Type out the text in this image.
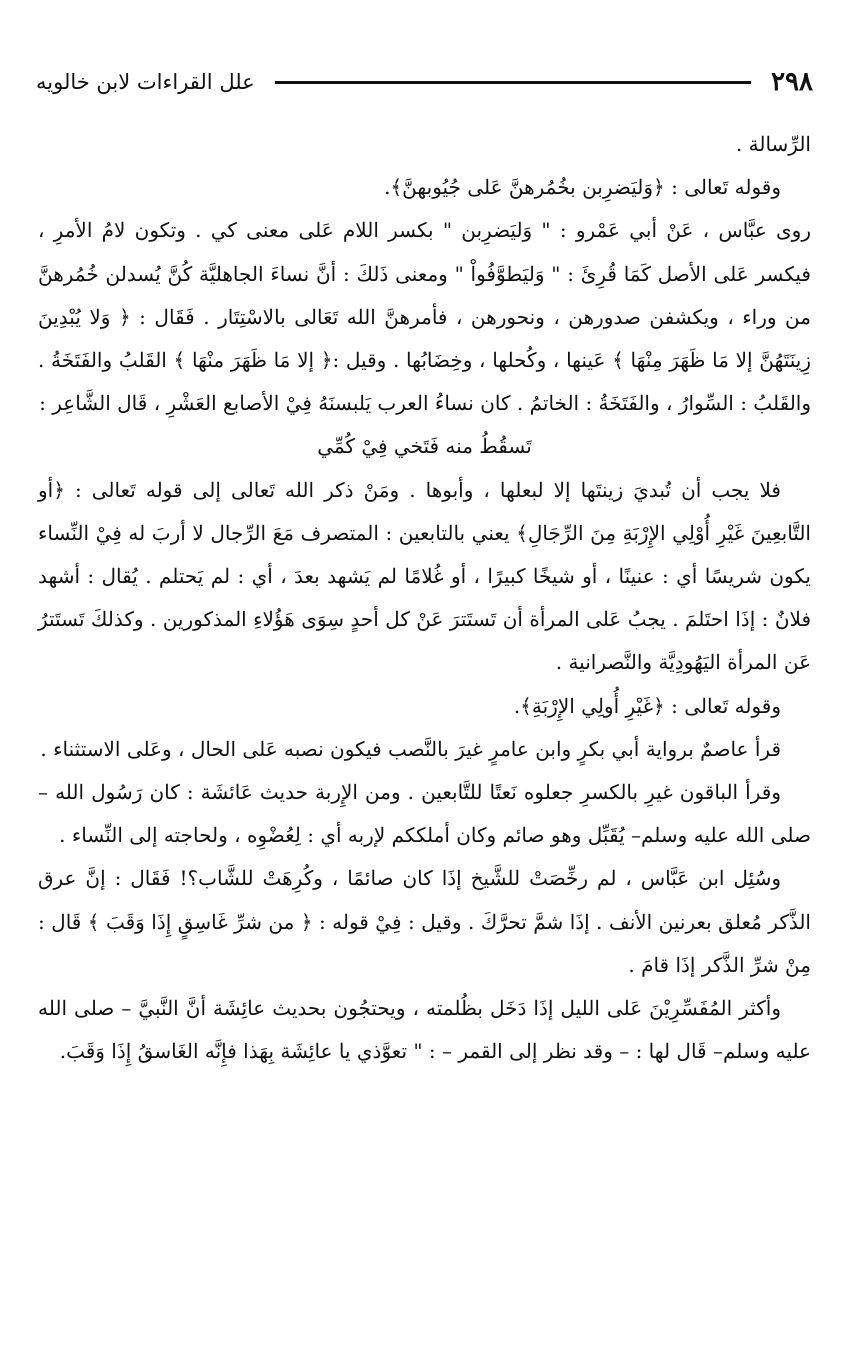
٢٩٨
علل القراءات لابن خالويه

الرِّسالة .

وقوله تَعالى : ﴿وَليَضرِبن بخُمُرهنَّ عَلى جُيُوبهنَّ﴾.

روى عبَّاس ، عَنْ أبي عَمْرو : " وَليَضرِبن " بكسر اللام عَلى معنى كي . وتكون لامُ الأمرِ ، فيكسر عَلى الأصل كَمَا قُرِئَ : " وَليَطوَّفُواْ " ومعنى ذَلكَ : أنَّ نساءَ الجاهليَّة كُنَّ يُسدلن خُمُرهنَّ من وراء ، ويكشفن صدورهن ، ونحورهن ، فأمرهنَّ الله تَعَالى بالاسْتِتَار . فَقَال : ﴿ وَلا يُبْدِينَ زِينَتَهُنَّ إلا مَا ظَهَرَ مِنْهَا ﴾ عَينها ، وكُحلها ، وخِضَابُها . وقيل :﴿ إلا مَا ظَهَرَ منْهَا ﴾ القَلبُ والفَتَخَةُ . والقَلبُ : السِّوارُ ، والفَتَخَةُ : الخاتمُ . كان نساءُ العرب يَلبسنَهُ فِيْ الأصابع العَشْرِ ، قَال الشَّاعِر :

تَسقُطُ منه فَتَخي فِيْ كُمِّي

فلا يجب أن تُبديَ زينتَها إلا لبعلها ، وأبوها . ومَنْ ذكر الله تَعالى إلى قوله تَعالى : ﴿أو التَّابعِينَ غَيْرِ أُوْلِي الإِرْبَةِ مِنَ الرِّجَالِ﴾ يعني بالتابعين : المتصرف مَعَ الرِّجال لا أربَ له فِيْ النِّساء يكون شريسًا أي : عنينًا ، أو شيخًا كبيرًا ، أو غُلامًا لم يَشهد بعدَ ، أي : لم يَحتلم . يُقال : أشهد فلانٌ : إذَا احتَلمَ . يجبُ عَلى المرأة أن تَستَترَ عَنْ كل أحدٍ سِوَى هَؤُلاءِ المذكورين . وكذلكَ تَستَترُ عَن المرأة اليَهُودِيَّة والنَّصرانية .

وقوله تَعالى : ﴿غَيْرِ أُولِي الإِرْبَةِ﴾.

قرأ عاصمٌ برواية أبي بكرٍ وابن عامرٍ غيرَ بالنَّصب فيكون نصبه عَلى الحال ، وعَلى الاستثناء .

وقرأ الباقون غيرِ بالكسرِ جعلوه نَعتًا للتَّابعين . ومن الإِربة حديث عَائشَة : كان رَسُول الله –صلى الله عليه وسلم– يُقَبِّل وهو صائم وكان أملككم لإربه أي : لِعُضْوِه ، ولحاجته إلى النِّساء .

وسُئِل ابن عَبَّاس ، لم رخِّصَتْ للشَّيخ إذَا كان صائمًا ، وكُرِهَتْ للشَّاب؟! فَقَال : إنَّ عرق الذَّكر مُعلق بعرنين الأنف . إذَا شمَّ تحرَّكَ . وقيل : فِيْ قوله : ﴿ من شرِّ غَاسِقٍ إِذَا وَقَبَ ﴾ قَال : مِنْ شرِّ الذَّكر إذَا قامَ .

وأكثر المُفَسِّرِيْنَ عَلى الليل إذَا دَخَل بظُلمته ، ويحتجُون بحديث عائِشَة أنَّ النَّبيَّ – صلى الله عليه وسلم– قَال لها : – وقد نظر إلى القمر – : " تعوَّذي يا عائِشَة بِهَذا فإِنَّه الغَاسقُ إِذَا وَقَبَ.
